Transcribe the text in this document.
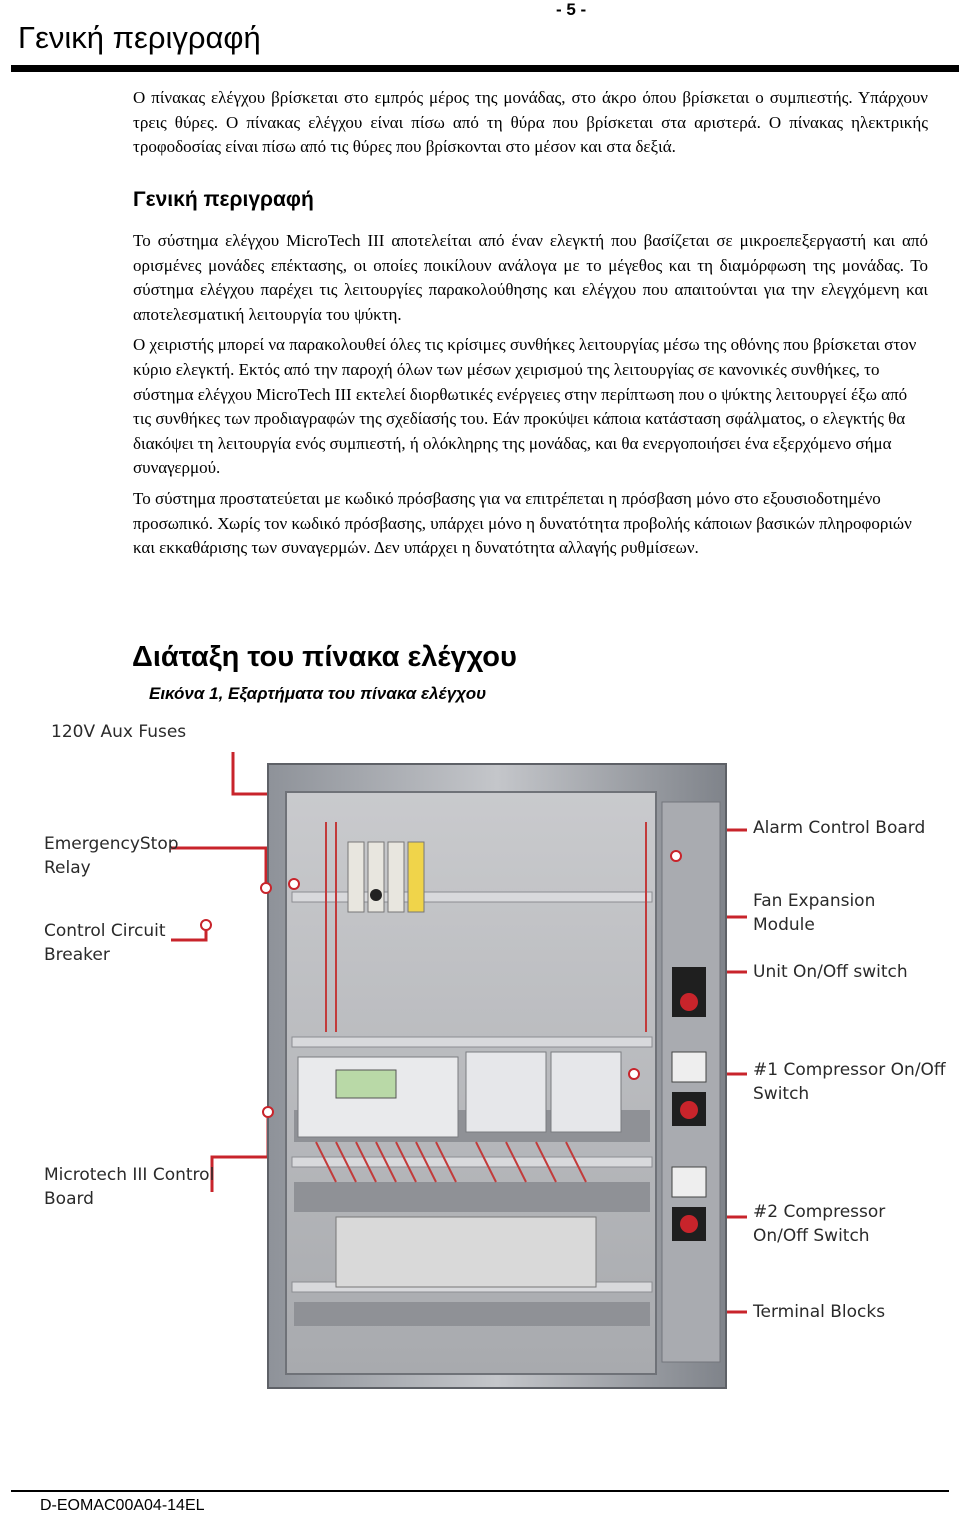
- 5 -
Γενική περιγραφή

Ο πίνακας ελέγχου βρίσκεται στο εμπρός μέρος της μονάδας, στο άκρο όπου βρίσκεται ο συμπιεστής. Υπάρχουν τρεις θύρες. Ο πίνακας ελέγχου είναι πίσω από τη θύρα που βρίσκεται στα αριστερά. Ο πίνακας ηλεκτρικής τροφοδοσίας είναι πίσω από τις θύρες που βρίσκονται στο μέσον και στα δεξιά.

Γενική περιγραφή

Το σύστημα ελέγχου MicroTech III αποτελείται από έναν ελεγκτή που βασίζεται σε μικροεπεξεργαστή και από ορισμένες μονάδες επέκτασης, οι οποίες ποικίλουν ανάλογα με το μέγεθος και τη διαμόρφωση της μονάδας. Το σύστημα ελέγχου παρέχει τις λειτουργίες παρακολούθησης και ελέγχου που απαιτούνται για την ελεγχόμενη και αποτελεσματική λειτουργία του ψύκτη.

Ο χειριστής μπορεί να παρακολουθεί όλες τις κρίσιμες συνθήκες λειτουργίας μέσω της οθόνης που βρίσκεται στον κύριο ελεγκτή. Εκτός από την παροχή όλων των μέσων χειρισμού της λειτουργίας σε κανονικές συνθήκες, το σύστημα ελέγχου MicroTech III εκτελεί διορθωτικές ενέργειες στην περίπτωση που ο ψύκτης λειτουργεί έξω από τις συνθήκες των προδιαγραφών της σχεδίασής του. Εάν προκύψει κάποια κατάσταση σφάλματος, ο ελεγκτής θα διακόψει τη λειτουργία ενός συμπιεστή, ή ολόκληρης της μονάδας, και θα ενεργοποιήσει ένα εξερχόμενο σήμα συναγερμού.

Το σύστημα προστατεύεται με κωδικό πρόσβασης για να επιτρέπεται η πρόσβαση μόνο στο εξουσιοδοτημένο προσωπικό. Χωρίς τον κωδικό πρόσβασης, υπάρχει μόνο η δυνατότητα προβολής κάποιων βασικών πληροφοριών και εκκαθάρισης των συναγερμών. Δεν υπάρχει η δυνατότητα αλλαγής ρυθμίσεων.

Διάταξη του πίνακα ελέγχου
Εικόνα 1, Εξαρτήματα του πίνακα ελέγχου
120V Aux Fuses
EmergencyStop
Relay
Control Circuit
Breaker
Microtech III Control
Board
Alarm Control Board
Fan Expansion
Module
Unit On/Off switch
#1 Compressor On/Off
Switch
#2 Compressor
On/Off Switch
Terminal Blocks
D-EOMAC00A04-14EL
